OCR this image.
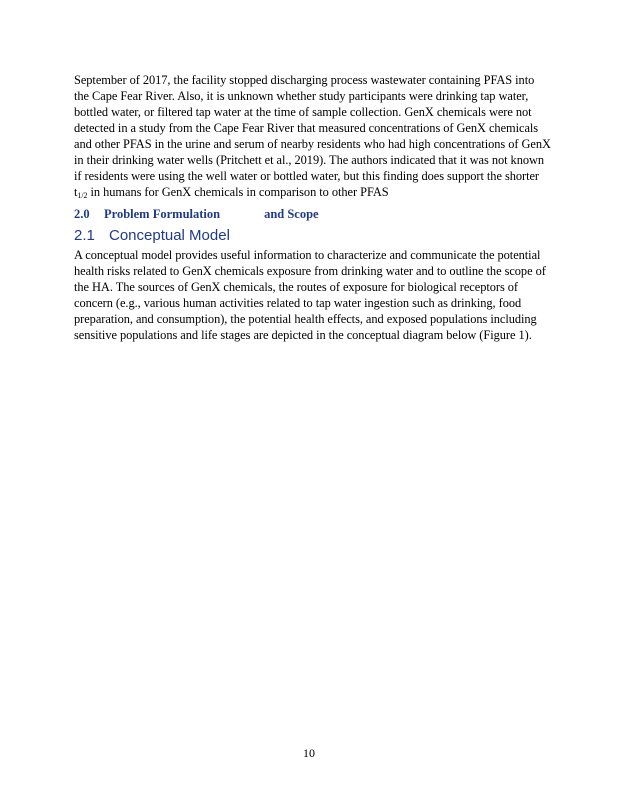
September of 2017, the facility stopped discharging process wastewater containing PFAS into
the Cape Fear River. Also, it is unknown whether study participants were drinking tap water,
bottled water, or filtered tap water at the time of sample collection. GenX chemicals were not
detected in a study from the Cape Fear River that measured concentrations of GenX chemicals
and other PFAS in the urine and serum of nearby residents who had high concentrations of GenX
in their drinking water wells (Pritchett et al., 2019). The authors indicated that it was not known
if residents were using the well water or bottled water, but this finding does support the shorter
t1/2 in humans for GenX chemicals in comparison to other PFAS
2.0 Problem Formulation	and Scope
2.1 Conceptual Model
A conceptual model provides useful information to characterize and communicate the potential
health risks related to GenX chemicals exposure from drinking water and to outline the scope of
the HA. The sources of GenX chemicals, the routes of exposure for biological receptors of
concern (e.g., various human activities related to tap water ingestion such as drinking, food
preparation, and consumption), the potential health effects, and exposed populations including
sensitive populations and life stages are depicted in the conceptual diagram below (Figure 1).
10
